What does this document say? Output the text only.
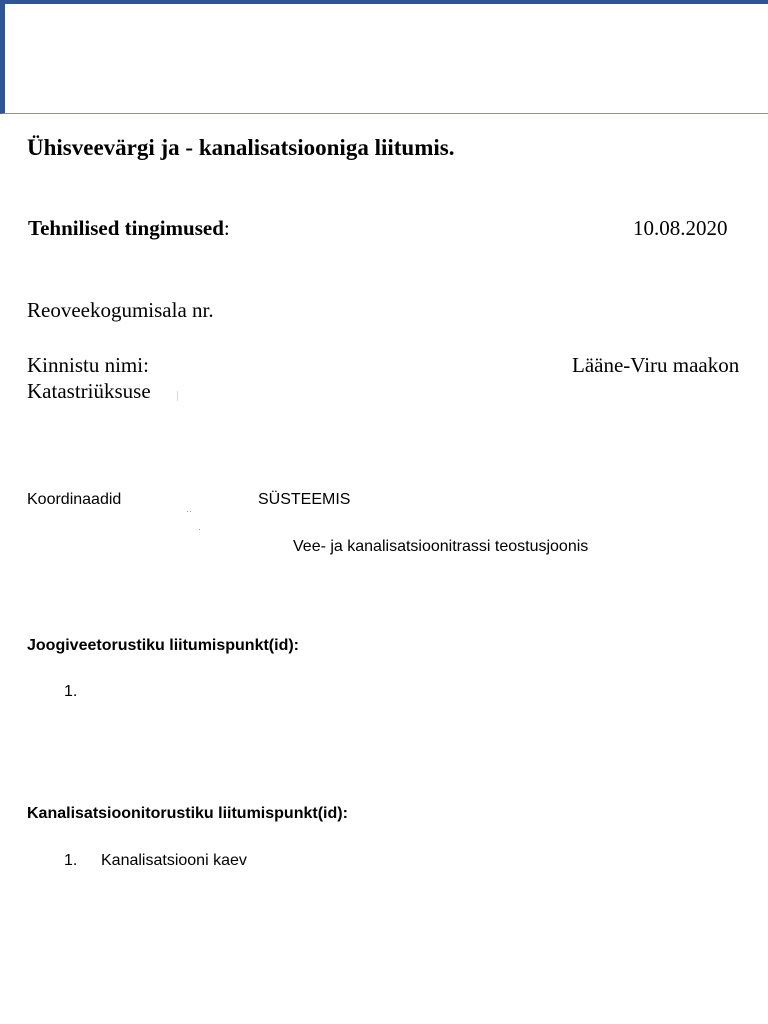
Ühisveevärgi ja - kanalisatsiooniga liitumis.
Tehnilised tingimused:	10.08.2020
Reoveekogumisala nr.
Kinnistu nimi:	Lääne-Viru maakon
Katastriüksuse
Koordinaadid	SÜSTEEMIS
Vee- ja kanalisatsioonitrassi teostusjoonis
Joogiveetorustiku liitumispunkt(id):
1.
Kanalisatsioonitorustiku liitumispunkt(id):
1. Kanalisatsiooni kaev
